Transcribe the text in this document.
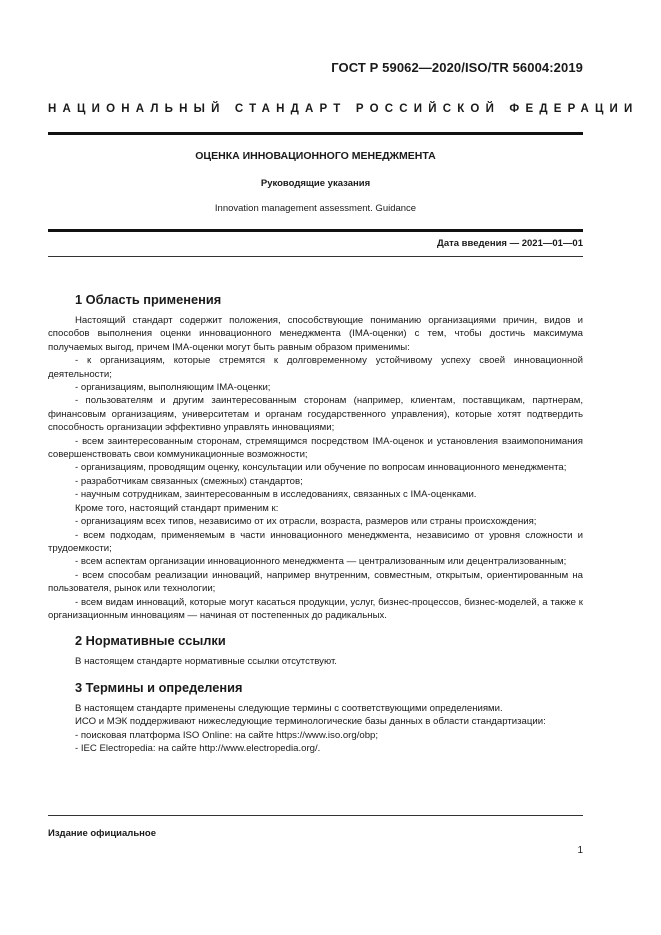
ГОСТ Р 59062—2020/ISO/TR 56004:2019
НАЦИОНАЛЬНЫЙ СТАНДАРТ РОССИЙСКОЙ ФЕДЕРАЦИИ
ОЦЕНКА ИННОВАЦИОННОГО МЕНЕДЖМЕНТА
Руководящие указания
Innovation management assessment. Guidance
Дата введения — 2021—01—01
1 Область применения

Настоящий стандарт содержит положения, способствующие пониманию организациями причин, видов и способов выполнения оценки инновационного менеджмента (IMA-оценки) с тем, чтобы достичь максимума получаемых выгод, причем IMA-оценки могут быть равным образом применимы:

- к организациям, которые стремятся к долговременному устойчивому успеху своей инновационной деятельности;

- организациям, выполняющим IMA-оценки;

- пользователям и другим заинтересованным сторонам (например, клиентам, поставщикам, партнерам, финансовым организациям, университетам и органам государственного управления), которые хотят подтвердить способность организации эффективно управлять инновациями;

- всем заинтересованным сторонам, стремящимся посредством IMA-оценок и установления взаимопонимания совершенствовать свои коммуникационные возможности;

- организациям, проводящим оценку, консультации или обучение по вопросам инновационного менеджмента;

- разработчикам связанных (смежных) стандартов;

- научным сотрудникам, заинтересованным в исследованиях, связанных с IMA-оценками.

Кроме того, настоящий стандарт применим к:

- организациям всех типов, независимо от их отрасли, возраста, размеров или страны происхождения;

- всем подходам, применяемым в части инновационного менеджмента, независимо от уровня сложности и трудоемкости;

- всем аспектам организации инновационного менеджмента — централизованным или децентрализованным;

- всем способам реализации инноваций, например внутренним, совместным, открытым, ориентированным на пользователя, рынок или технологии;

- всем видам инноваций, которые могут касаться продукции, услуг, бизнес-процессов, бизнес-моделей, а также к организационным инновациям — начиная от постепенных до радикальных.

2 Нормативные ссылки

В настоящем стандарте нормативные ссылки отсутствуют.

3 Термины и определения

В настоящем стандарте применены следующие термины с соответствующими определениями.

ИСО и МЭК поддерживают нижеследующие терминологические базы данных в области стандартизации:

- поисковая платформа ISO Online: на сайте https://www.iso.org/obp;

- IEC Electropedia: на сайте http://www.electropedia.org/.

Издание официальное
1
